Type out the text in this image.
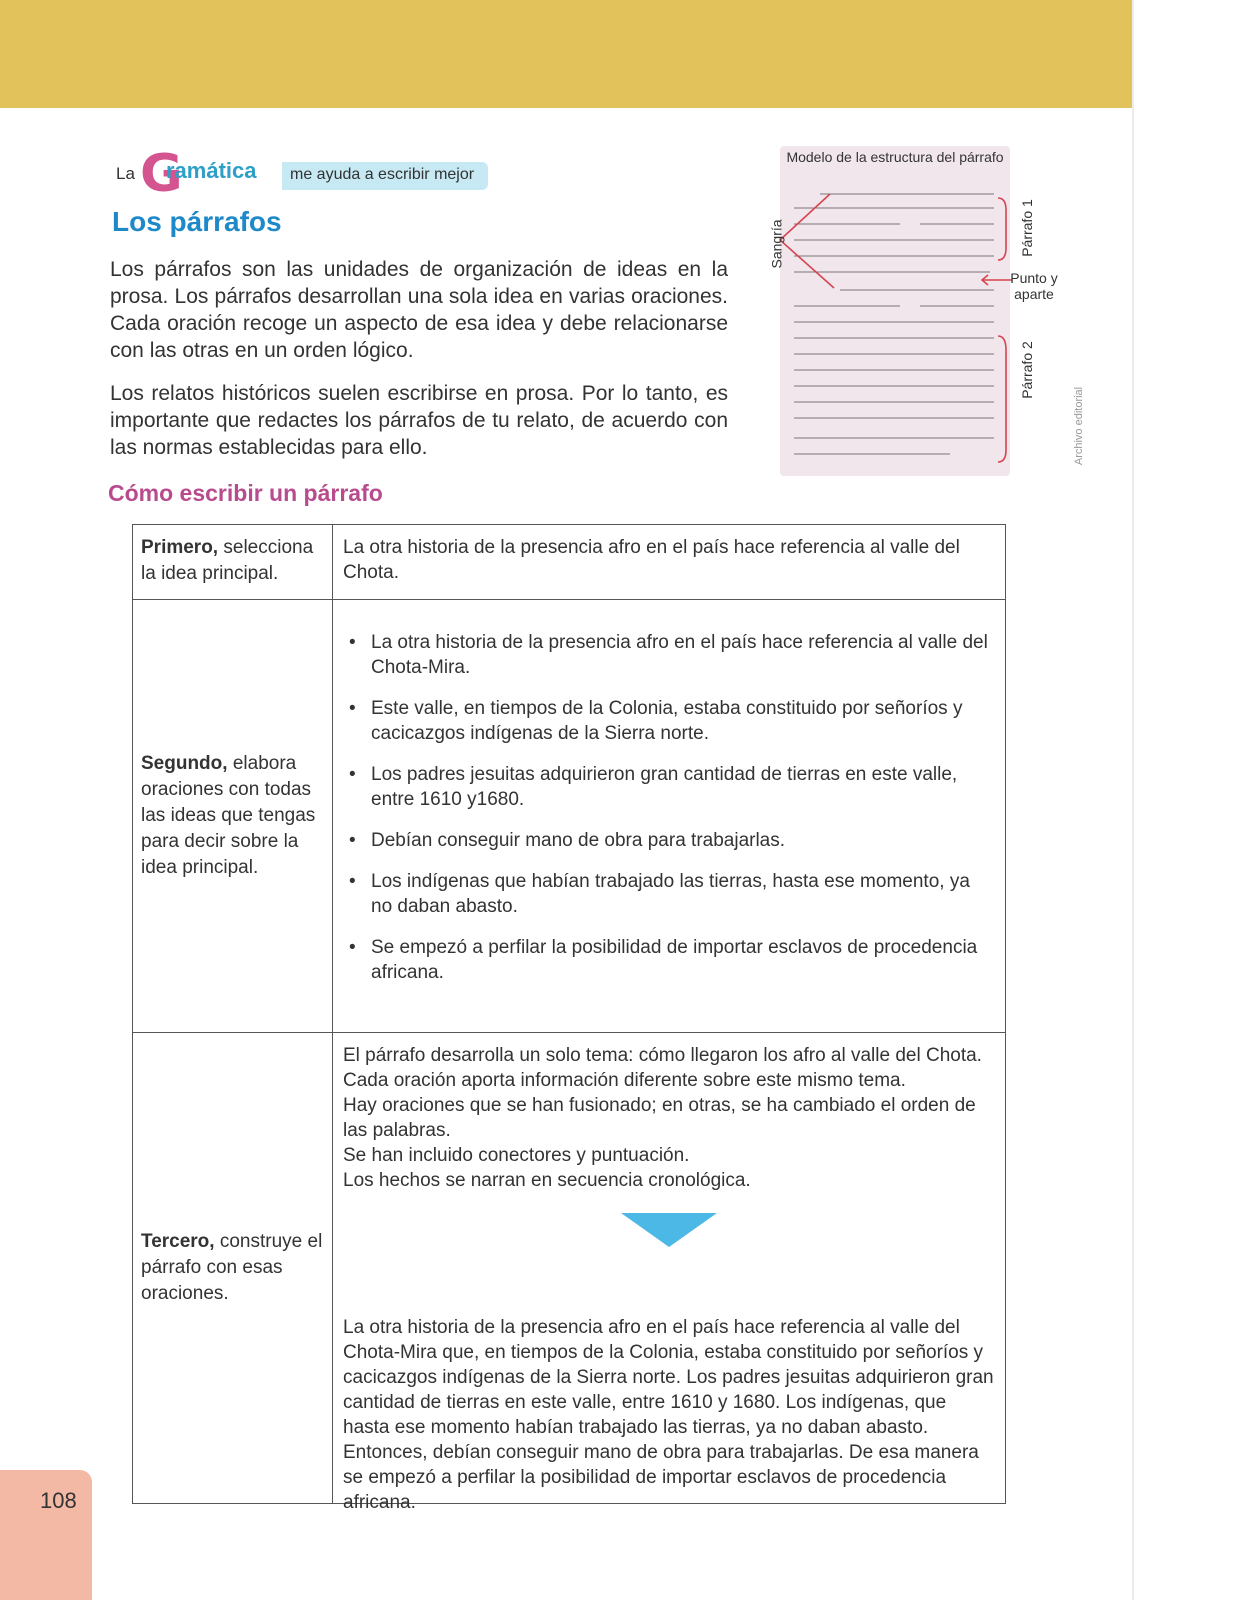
La G
ramática	me ayuda a escribir mejor
Los párrafos

Los párrafos son las unidades de organización de ideas en la prosa. Los párrafos desarrollan una sola idea en varias oraciones. Cada oración recoge un aspecto de esa idea y debe relacionarse con las otras en un orden lógico.

Los relatos históricos suelen escribirse en prosa. Por lo tanto, es importante que redactes los párrafos de tu relato, de acuerdo con las normas establecidas para ello.

Modelo de la estructura del párrafo
Sangría	Párrafo 1
Párrafo 2
Punto y aparte
Archivo editorial
Cómo escribir un párrafo
Primero, selecciona la idea principal.
La otra historia de la presencia afro en el país hace referencia al valle del Chota.
Segundo, elabora oraciones con todas las ideas que tengas para decir sobre la idea principal.
• La otra historia de la presencia afro en el país hace referencia al valle del Chota-Mira.
• Este valle, en tiempos de la Colonia, estaba constituido por señoríos y cacicazgos indígenas de la Sierra norte.
• Los padres jesuitas adquirieron gran cantidad de tierras en este valle, entre 1610 y1680.
• Debían conseguir mano de obra para trabajarlas.
• Los indígenas que habían trabajado las tierras, hasta ese momento, ya no daban abasto.
• Se empezó a perfilar la posibilidad de importar esclavos de procedencia africana.
Tercero, construye el párrafo con esas oraciones.

El párrafo desarrolla un solo tema: cómo llegaron los afro al valle del Chota.

Cada oración aporta información diferente sobre este mismo tema.

Hay oraciones que se han fusionado; en otras, se ha cambiado el orden de las palabras.

Se han incluido conectores y puntuación.

Los hechos se narran en secuencia cronológica.

La otra historia de la presencia afro en el país hace referencia al valle del Chota-Mira que, en tiempos de la Colonia, estaba constituido por señoríos y cacicazgos indígenas de la Sierra norte. Los padres jesuitas adquirieron gran cantidad de tierras en este valle, entre 1610 y 1680. Los indígenas, que hasta ese momento habían trabajado las tierras, ya no daban abasto. Entonces, debían conseguir mano de obra para trabajarlas. De esa manera se empezó a perfilar la posibilidad de importar esclavos de procedencia africana.

108
